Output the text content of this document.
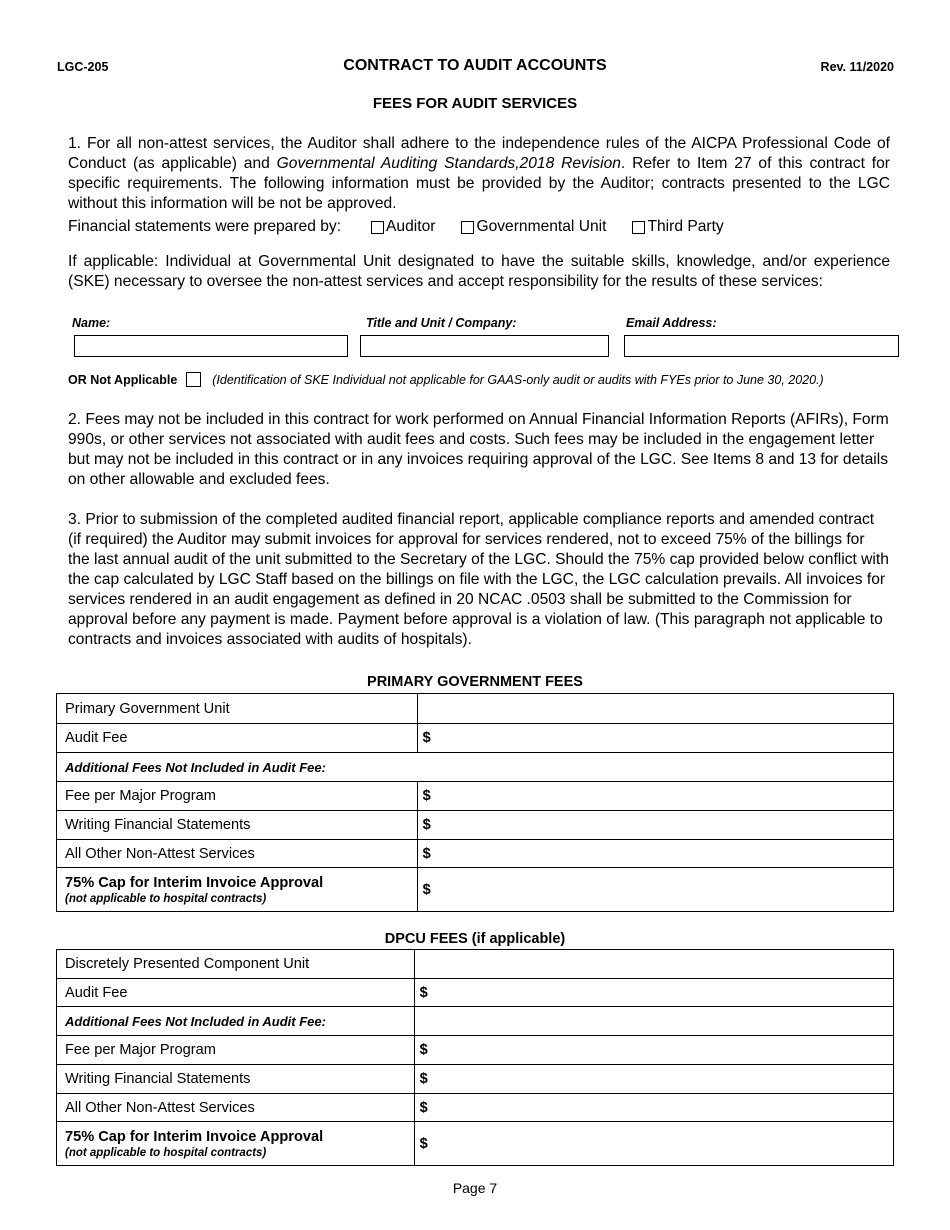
LGC-205	CONTRACT TO AUDIT ACCOUNTS	Rev. 11/2020
FEES FOR AUDIT SERVICES
1. For all non-attest services, the Auditor shall adhere to the independence rules of the AICPA Professional Code of Conduct (as applicable) and Governmental Auditing Standards,2018 Revision. Refer to Item 27 of this contract for specific requirements. The following information must be provided by the Auditor; contracts presented to the LGC without this information will be not be approved.
Financial statements were prepared by:	Auditor	Governmental Unit	Third Party
If applicable: Individual at Governmental Unit designated to have the suitable skills, knowledge, and/or experience (SKE) necessary to oversee the non-attest services and accept responsibility for the results of these services:
Name:	Title and Unit / Company:	Email Address:
OR Not Applicable	(Identification of SKE Individual not applicable for GAAS-only audit or audits with FYEs prior to June 30, 2020.)
2. Fees may not be included in this contract for work performed on Annual Financial Information Reports (AFIRs), Form 990s, or other services not associated with audit fees and costs. Such fees may be included in the engagement letter but may not be included in this contract or in any invoices requiring approval of the LGC. See Items 8 and 13 for details on other allowable and excluded fees.
3. Prior to submission of the completed audited financial report, applicable compliance reports and amended contract (if required) the Auditor may submit invoices for approval for services rendered, not to exceed 75% of the billings for the last annual audit of the unit submitted to the Secretary of the LGC. Should the 75% cap provided below conflict with the cap calculated by LGC Staff based on the billings on file with the LGC, the LGC calculation prevails. All invoices for services rendered in an audit engagement as defined in 20 NCAC .0503 shall be submitted to the Commission for approval before any payment is made. Payment before approval is a violation of law. (This paragraph not applicable to contracts and invoices associated with audits of hospitals).
PRIMARY GOVERNMENT FEES
Primary Government Unit	
Audit Fee	$
Additional Fees Not Included in Audit Fee:	
Fee per Major Program	$
Writing Financial Statements	$
All Other Non-Attest Services	$

75% Cap for Interim Invoice Approval
(not applicable to hospital contracts)	$
DPCU FEES (if applicable)
Discretely Presented Component Unit	
Audit Fee	$
Additional Fees Not Included in Audit Fee:	
Fee per Major Program	$
Writing Financial Statements	$
All Other Non-Attest Services	$

75% Cap for Interim Invoice Approval
(not applicable to hospital contracts)	$
Page 7
